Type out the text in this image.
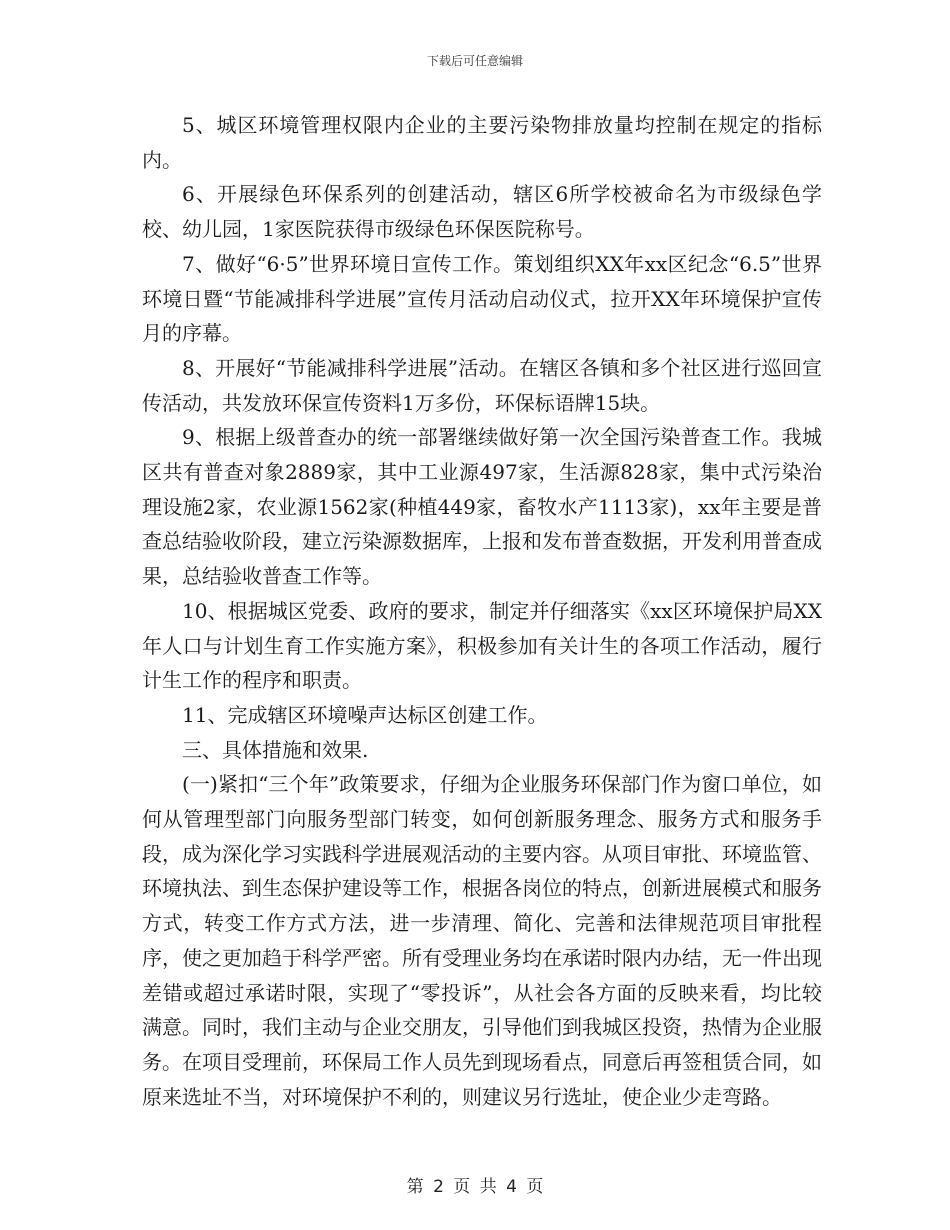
下载后可任意编辑

5、城区环境管理权限内企业的主要污染物排放量均控制在规定的指标内。

6、开展绿色环保系列的创建活动，辖区6所学校被命名为市级绿色学校、幼儿园，1家医院获得市级绿色环保医院称号。

7、做好“6·5”世界环境日宣传工作。策划组织XX年xx区纪念“6.5”世界环境日暨“节能减排科学进展”宣传月活动启动仪式，拉开XX年环境保护宣传月的序幕。

8、开展好“节能减排科学进展”活动。在辖区各镇和多个社区进行巡回宣传活动，共发放环保宣传资料1万多份，环保标语牌15块。

9、根据上级普查办的统一部署继续做好第一次全国污染普查工作。我城区共有普查对象2889家，其中工业源497家，生活源828家，集中式污染治理设施2家，农业源1562家(种植449家，畜牧水产1113家)，xx年主要是普查总结验收阶段，建立污染源数据库，上报和发布普查数据，开发利用普查成果，总结验收普查工作等。

10、根据城区党委、政府的要求，制定并仔细落实《xx区环境保护局XX年人口与计划生育工作实施方案》，积极参加有关计生的各项工作活动，履行计生工作的程序和职责。

11、完成辖区环境噪声达标区创建工作。

三、具体措施和效果.

(一)紧扣“三个年”政策要求，仔细为企业服务环保部门作为窗口单位，如何从管理型部门向服务型部门转变，如何创新服务理念、服务方式和服务手段，成为深化学习实践科学进展观活动的主要内容。从项目审批、环境监管、环境执法、到生态保护建设等工作，根据各岗位的特点，创新进展模式和服务方式，转变工作方式方法，进一步清理、简化、完善和法律规范项目审批程序，使之更加趋于科学严密。所有受理业务均在承诺时限内办结，无一件出现差错或超过承诺时限，实现了“零投诉”，从社会各方面的反映来看，均比较满意。同时，我们主动与企业交朋友，引导他们到我城区投资，热情为企业服务。在项目受理前，环保局工作人员先到现场看点，同意后再签租赁合同，如原来选址不当，对环境保护不利的，则建议另行选址，使企业少走弯路。

第 2 页 共 4 页
